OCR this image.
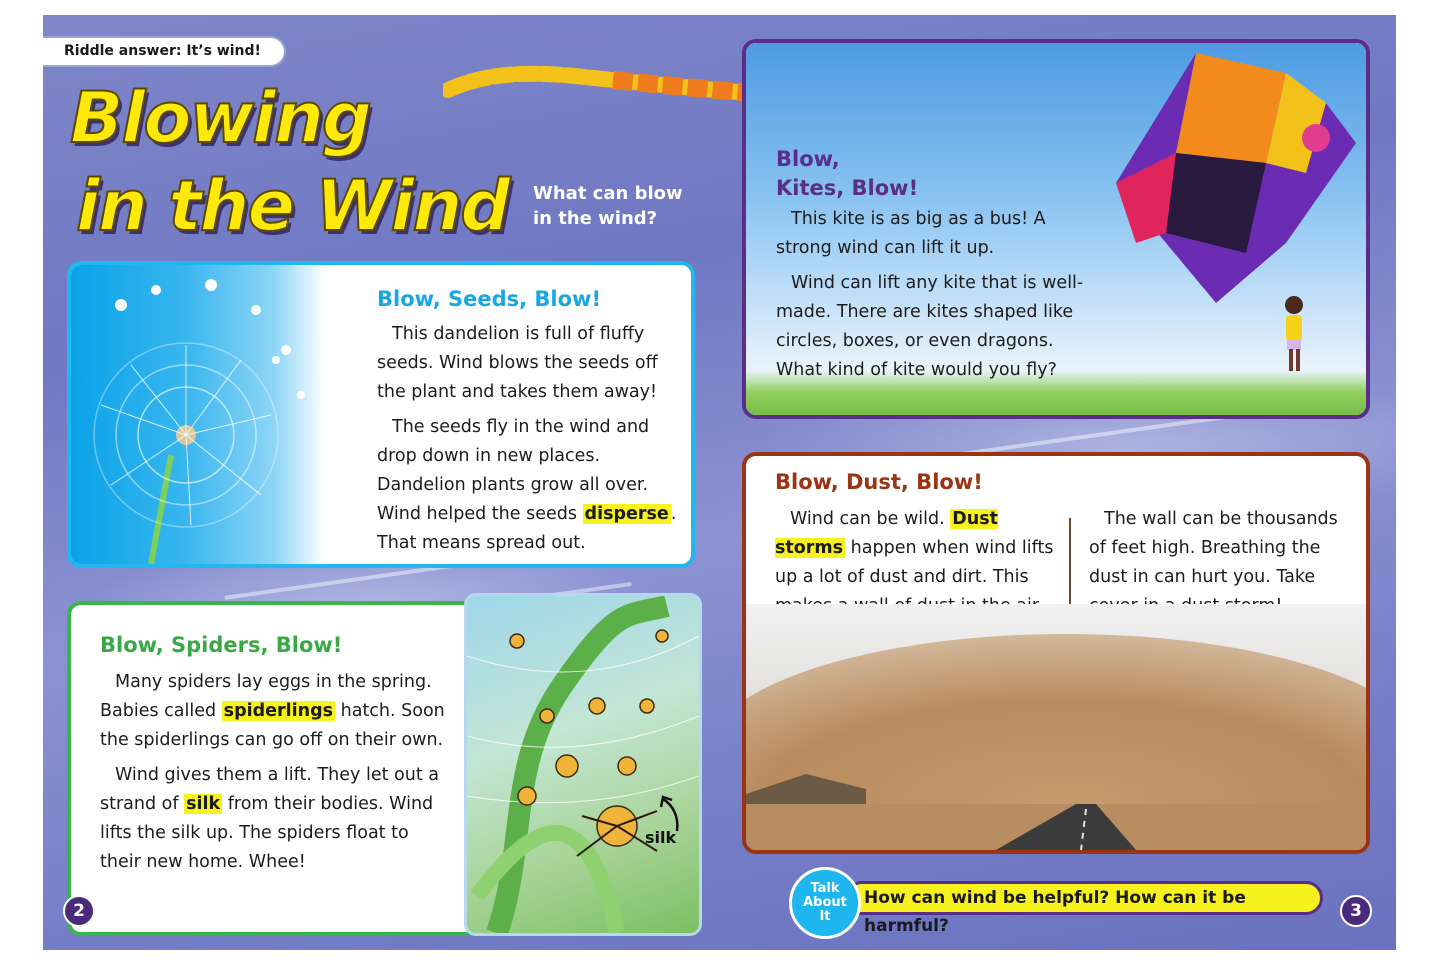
Riddle answer: It’s wind!
Blowing
in the Wind What can blow in the wind?
Blow, Seeds, Blow!

This dandelion is full of fluffy seeds. Wind blows the seeds off the plant and takes them away!

The seeds fly in the wind and drop down in new places. Dandelion plants grow all over. Wind helped the seeds disperse . That means spread out.

Blow, Spiders, Blow!

Many spiders lay eggs in the spring. Babies called spiderlings hatch. Soon the spiderlings can go off on their own.

Wind gives them a lift. They let out a strand of silk from their bodies. Wind lifts the silk up. The spiders float to their new home. Whee!

silk
Blow,
Kites, Blow!

This kite is as big as a bus! A strong wind can lift it up.

Wind can lift any kite that is well-made. There are kites shaped like circles, boxes, or even dragons. What kind of kite would you fly?

Blow, Dust, Blow!

Wind can be wild. Dust storms happen when wind lifts up a lot of dust and dirt. This

The wall can be thousands of feet high. Breathing the dust in can hurt you. Take

How can wind be helpful? How can it be harmful?
Talk
About
It
2	3
